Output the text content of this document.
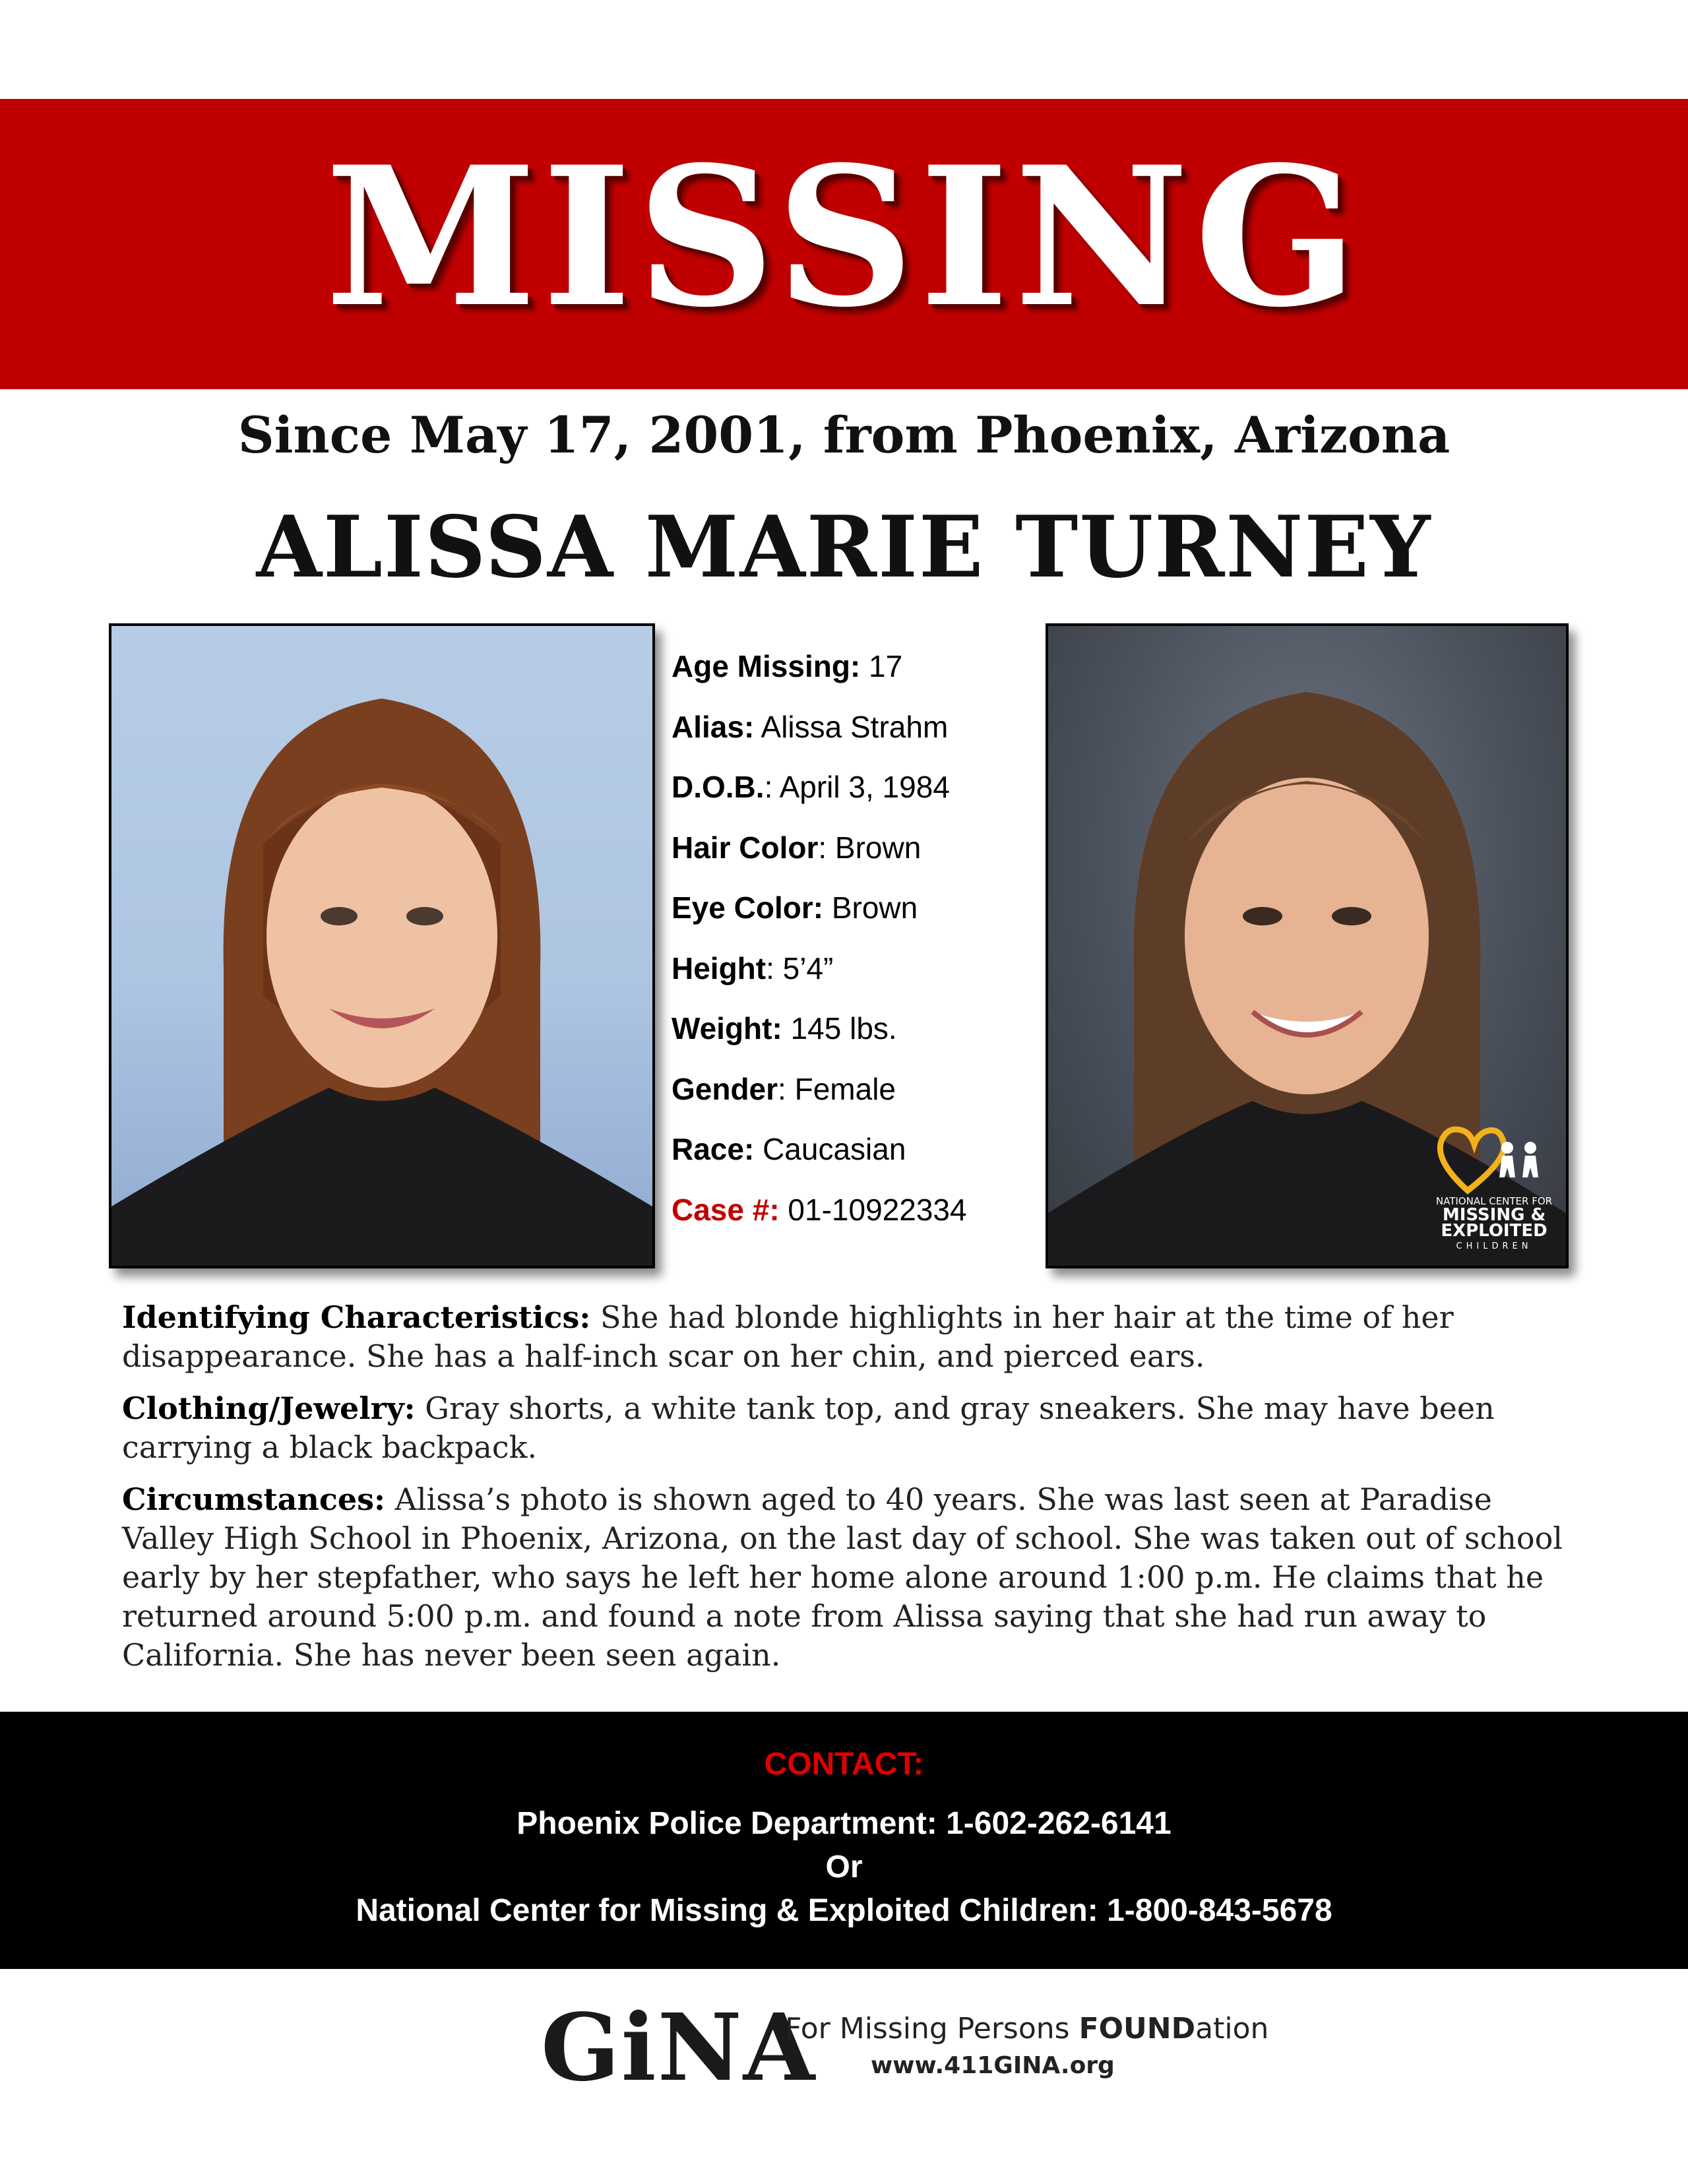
MISSING
Since May 17, 2001, from Phoenix, Arizona
ALISSA MARIE TURNEY
Age Missing: 17
Alias: Alissa Strahm
D.O.B.: April 3, 1984
Hair Color: Brown
Eye Color: Brown
Height: 5’4”
Weight: 145 lbs.
Gender: Female
Race: Caucasian
Case #: 01-10922334	NATIONAL CENTER FOR
MISSING &
EXPLOITED
CHILDREN
Identifying Characteristics: She had blonde highlights in her hair at the time of her disappearance. She has a half-inch scar on her chin, and pierced ears.
Clothing/Jewelry: Gray shorts, a white tank top, and gray sneakers. She may have been carrying a black backpack.
Circumstances: Alissa’s photo is shown aged to 40 years. She was last seen at Paradise Valley High School in Phoenix, Arizona, on the last day of school. She was taken out of school early by her stepfather, who says he left her home alone around 1:00 p.m. He claims that he returned around 5:00 p.m. and found a note from Alissa saying that she had run away to California. She has never been seen again.
CONTACT:
Phoenix Police Department: 1-602-262-6141
Or
National Center for Missing & Exploited Children: 1-800-843-5678
GiNA
For Missing Persons FOUNDation
www.411GINA.org
